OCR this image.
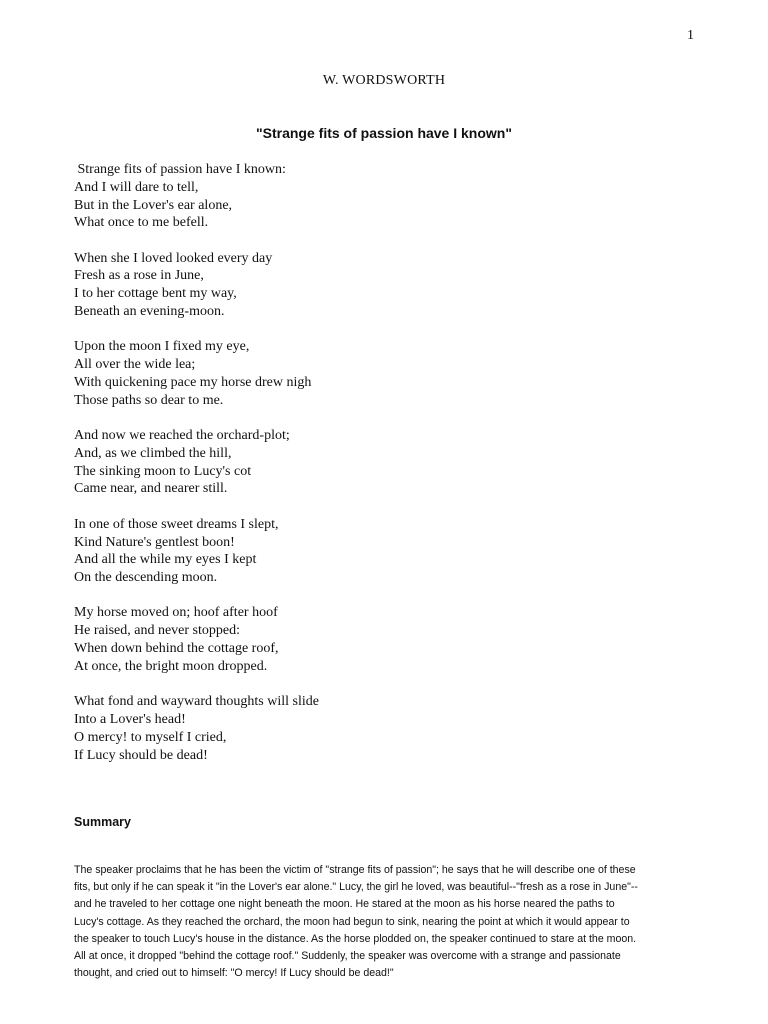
1
W. WORDSWORTH
"Strange fits of passion have I known"
Strange fits of passion have I known:
And I will dare to tell,
But in the Lover's ear alone,
What once to me befell.
When she I loved looked every day
Fresh as a rose in June,
I to her cottage bent my way,
Beneath an evening-moon.
Upon the moon I fixed my eye,
All over the wide lea;
With quickening pace my horse drew nigh
Those paths so dear to me.
And now we reached the orchard-plot;
And, as we climbed the hill,
The sinking moon to Lucy's cot
Came near, and nearer still.
In one of those sweet dreams I slept,
Kind Nature's gentlest boon!
And all the while my eyes I kept
On the descending moon.
My horse moved on; hoof after hoof
He raised, and never stopped:
When down behind the cottage roof,
At once, the bright moon dropped.
What fond and wayward thoughts will slide
Into a Lover's head!
O mercy! to myself I cried,
If Lucy should be dead!
Summary
The speaker proclaims that he has been the victim of "strange fits of passion"; he says that he will describe one of these
fits, but only if he can speak it "in the Lover's ear alone." Lucy, the girl he loved, was beautiful--"fresh as a rose in June"--
and he traveled to her cottage one night beneath the moon. He stared at the moon as his horse neared the paths to
Lucy's cottage. As they reached the orchard, the moon had begun to sink, nearing the point at which it would appear to
the speaker to touch Lucy's house in the distance. As the horse plodded on, the speaker continued to stare at the moon.
All at once, it dropped "behind the cottage roof." Suddenly, the speaker was overcome with a strange and passionate
thought, and cried out to himself: "O mercy! If Lucy should be dead!"
